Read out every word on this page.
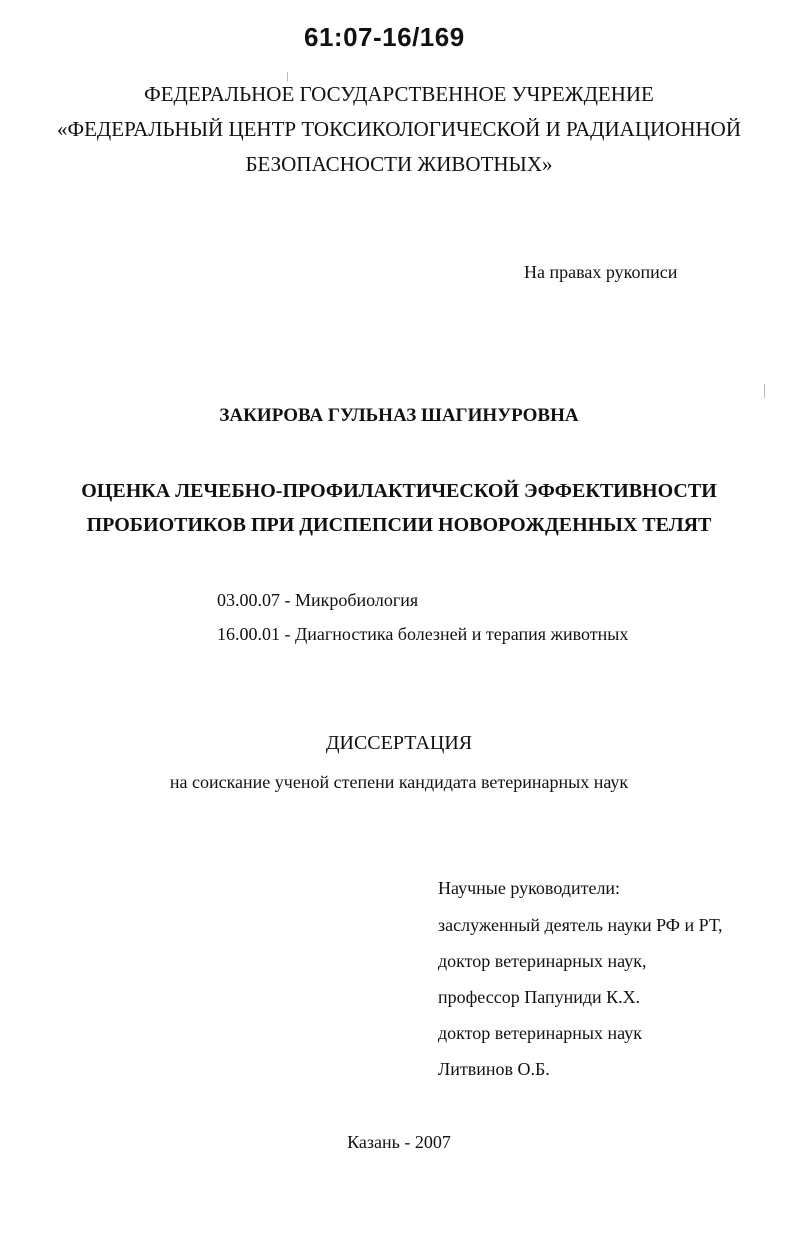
61:07-16/169
ФЕДЕРАЛЬНОЕ ГОСУДАРСТВЕННОЕ УЧРЕЖДЕНИЕ
«ФЕДЕРАЛЬНЫЙ ЦЕНТР ТОКСИКОЛОГИЧЕСКОЙ И РАДИАЦИОННОЙ
БЕЗОПАСНОСТИ ЖИВОТНЫХ»
На правах рукописи
ЗАКИРОВА ГУЛЬНАЗ ШАГИНУРОВНА
ОЦЕНКА ЛЕЧЕБНО-ПРОФИЛАКТИЧЕСКОЙ ЭФФЕКТИВНОСТИ
ПРОБИОТИКОВ ПРИ ДИСПЕПСИИ НОВОРОЖДЕННЫХ ТЕЛЯТ
03.00.07 - Микробиология
16.00.01 - Диагностика болезней и терапия животных
ДИССЕРТАЦИЯ
на соискание ученой степени кандидата ветеринарных наук
Научные руководители:
заслуженный деятель науки РФ и РТ,
доктор ветеринарных наук,
профессор Папуниди К.Х.
доктор ветеринарных наук
Литвинов О.Б.
Казань - 2007
